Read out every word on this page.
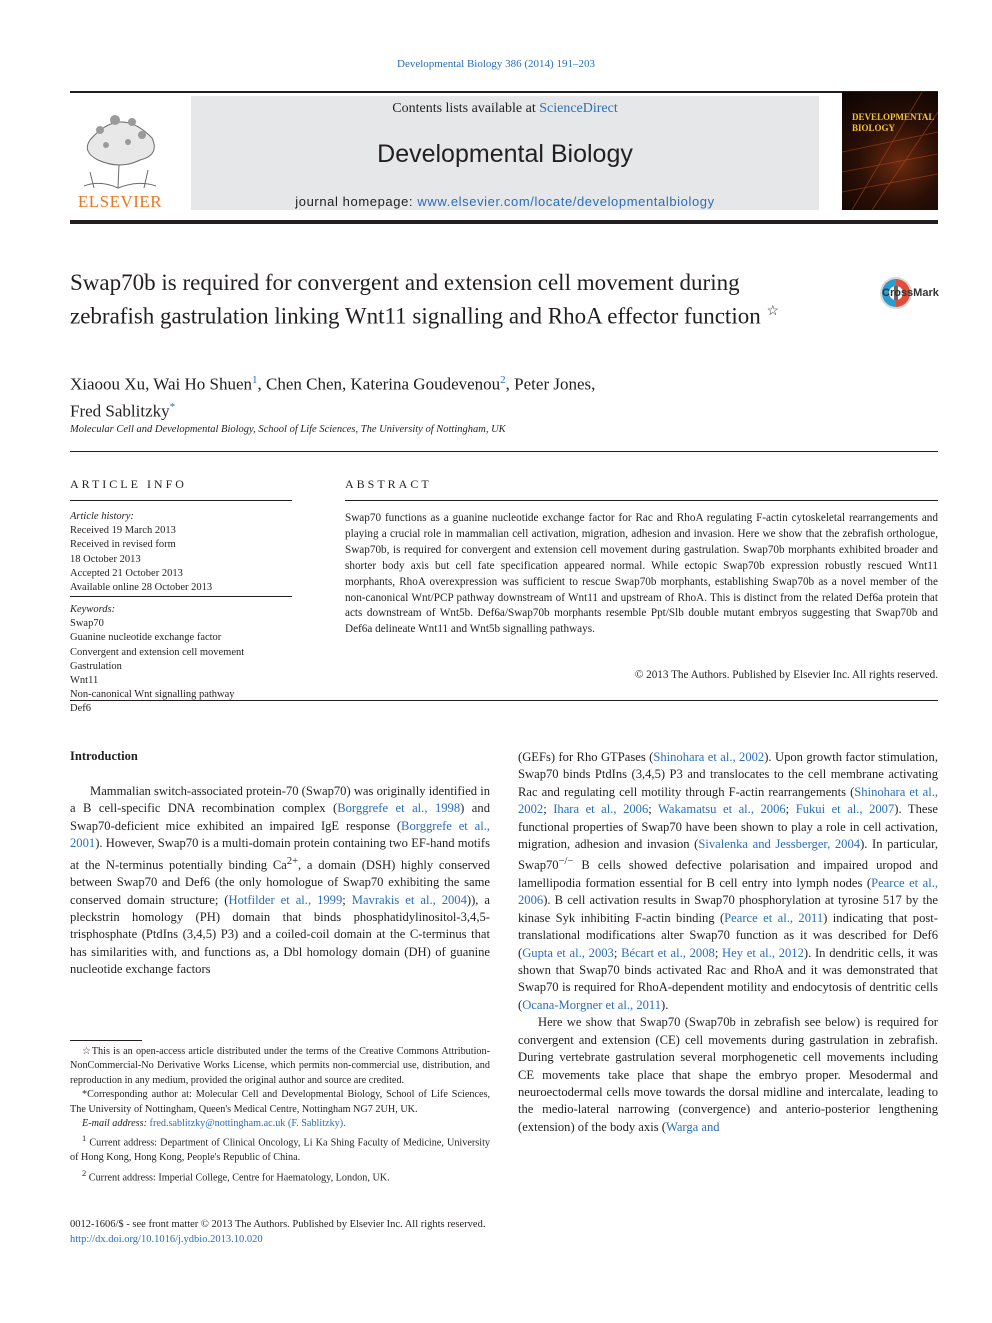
Developmental Biology 386 (2014) 191–203
ELSEVIER
Contents lists available at ScienceDirect
Developmental Biology
journal homepage: www.elsevier.com/locate/developmentalbiology
DEVELOPMENTAL BIOLOGY
Swap70b is required for convergent and extension cell movement during zebrafish gastrulation linking Wnt11 signalling and RhoA effector function ☆
CrossMark
Xiaoou Xu, Wai Ho Shuen$^1$, Chen Chen, Katerina Goudevenou$^2$, Peter Jones,
Fred Sablitzky*
Molecular Cell and Developmental Biology, School of Life Sciences, The University of Nottingham, UK
ARTICLE INFO	ABSTRACT
Article history:
Received 19 March 2013
Received in revised form
18 October 2013
Accepted 21 October 2013
Available online 28 October 2013
Keywords:
Swap70
Guanine nucleotide exchange factor
Convergent and extension cell movement
Gastrulation
Wnt11
Non-canonical Wnt signalling pathway
Def6
Swap70 functions as a guanine nucleotide exchange factor for Rac and RhoA regulating F-actin cytoskeletal rearrangements and playing a crucial role in mammalian cell activation, migration, adhesion and invasion. Here we show that the zebrafish orthologue, Swap70b, is required for convergent and extension cell movement during gastrulation. Swap70b morphants exhibited broader and shorter body axis but cell fate specification appeared normal. While ectopic Swap70b expression robustly rescued Wnt11 morphants, RhoA overexpression was sufficient to rescue Swap70b morphants, establishing Swap70b as a novel member of the non-canonical Wnt/PCP pathway downstream of Wnt11 and upstream of RhoA. This is distinct from the related Def6a protein that acts downstream of Wnt5b. Def6a/Swap70b morphants resemble Ppt/Slb double mutant embryos suggesting that Swap70b and Def6a delineate Wnt11 and Wnt5b signalling pathways.
© 2013 The Authors. Published by Elsevier Inc. All rights reserved.
Introduction

Mammalian switch-associated protein-70 (Swap70) was originally identified in a B cell-specific DNA recombination complex (Borggrefe et al., 1998) and Swap70-deficient mice exhibited an impaired IgE response (Borggrefe et al., 2001). However, Swap70 is a multi-domain protein containing two EF-hand motifs at the N-terminus potentially binding $Ca^{2+}$, a domain (DSH) highly conserved between Swap70 and Def6 (the only homologue of Swap70 exhibiting the same conserved domain structure; (Hotfilder et al., 1999; Mavrakis et al., 2004)), a pleckstrin homology (PH) domain that binds phosphatidylinositol-3,4,5-trisphosphate (PtdIns (3,4,5) P3) and a coiled-coil domain at the C-terminus that has similarities with, and functions as, a Dbl homology domain (DH) of guanine nucleotide exchange factors

(GEFs) for Rho GTPases (Shinohara et al., 2002). Upon growth factor stimulation, Swap70 binds PtdIns (3,4,5) P3 and translocates to the cell membrane activating Rac and regulating cell motility through F-actin rearrangements (Shinohara et al., 2002; Ihara et al., 2006; Wakamatsu et al., 2006; Fukui et al., 2007). These functional properties of Swap70 have been shown to play a role in cell activation, migration, adhesion and invasion (Sivalenka and Jessberger, 2004). In particular, Swap70−/− B cells showed defective polarisation and impaired uropod and lamellipodia formation essential for B cell entry into lymph nodes (Pearce et al., 2006). B cell activation results in Swap70 phosphorylation at tyrosine 517 by the kinase Syk inhibiting F-actin binding (Pearce et al., 2011) indicating that post-translational modifications alter Swap70 function as it was described for Def6 (Gupta et al., 2003; Bécart et al., 2008; Hey et al., 2012). In dendritic cells, it was shown that Swap70 binds activated Rac and RhoA and it was demonstrated that Swap70 is required for RhoA-dependent motility and endocytosis of dentritic cells (Ocana-Morgner et al., 2011).

Here we show that Swap70 (Swap70b in zebrafish see below) is required for convergent and extension (CE) cell movements during gastrulation in zebrafish. During vertebrate gastrulation several morphogenetic cell movements including CE movements take place that shape the embryo proper. Mesodermal and neuroectodermal cells move towards the dorsal midline and intercalate, leading to the medio-lateral narrowing (convergence) and anterio-posterior lengthening (extension) of the body axis (Warga and

☆This is an open-access article distributed under the terms of the Creative Commons Attribution-NonCommercial-No Derivative Works License, which permits non-commercial use, distribution, and reproduction in any medium, provided the original author and source are credited.

*Corresponding author at: Molecular Cell and Developmental Biology, School of Life Sciences, The University of Nottingham, Queen's Medical Centre, Nottingham NG7 2UH, UK.

E-mail address: fred.sablitzky@nottingham.ac.uk (F. Sablitzky).

$^1$ Current address: Department of Clinical Oncology, Li Ka Shing Faculty of Medicine, University of Hong Kong, Hong Kong, People's Republic of China.

$^2$ Current address: Imperial College, Centre for Haematology, London, UK.

0012-1606/$ - see front matter © 2013 The Authors. Published by Elsevier Inc. All rights reserved.
http://dx.doi.org/10.1016/j.ydbio.2013.10.020
